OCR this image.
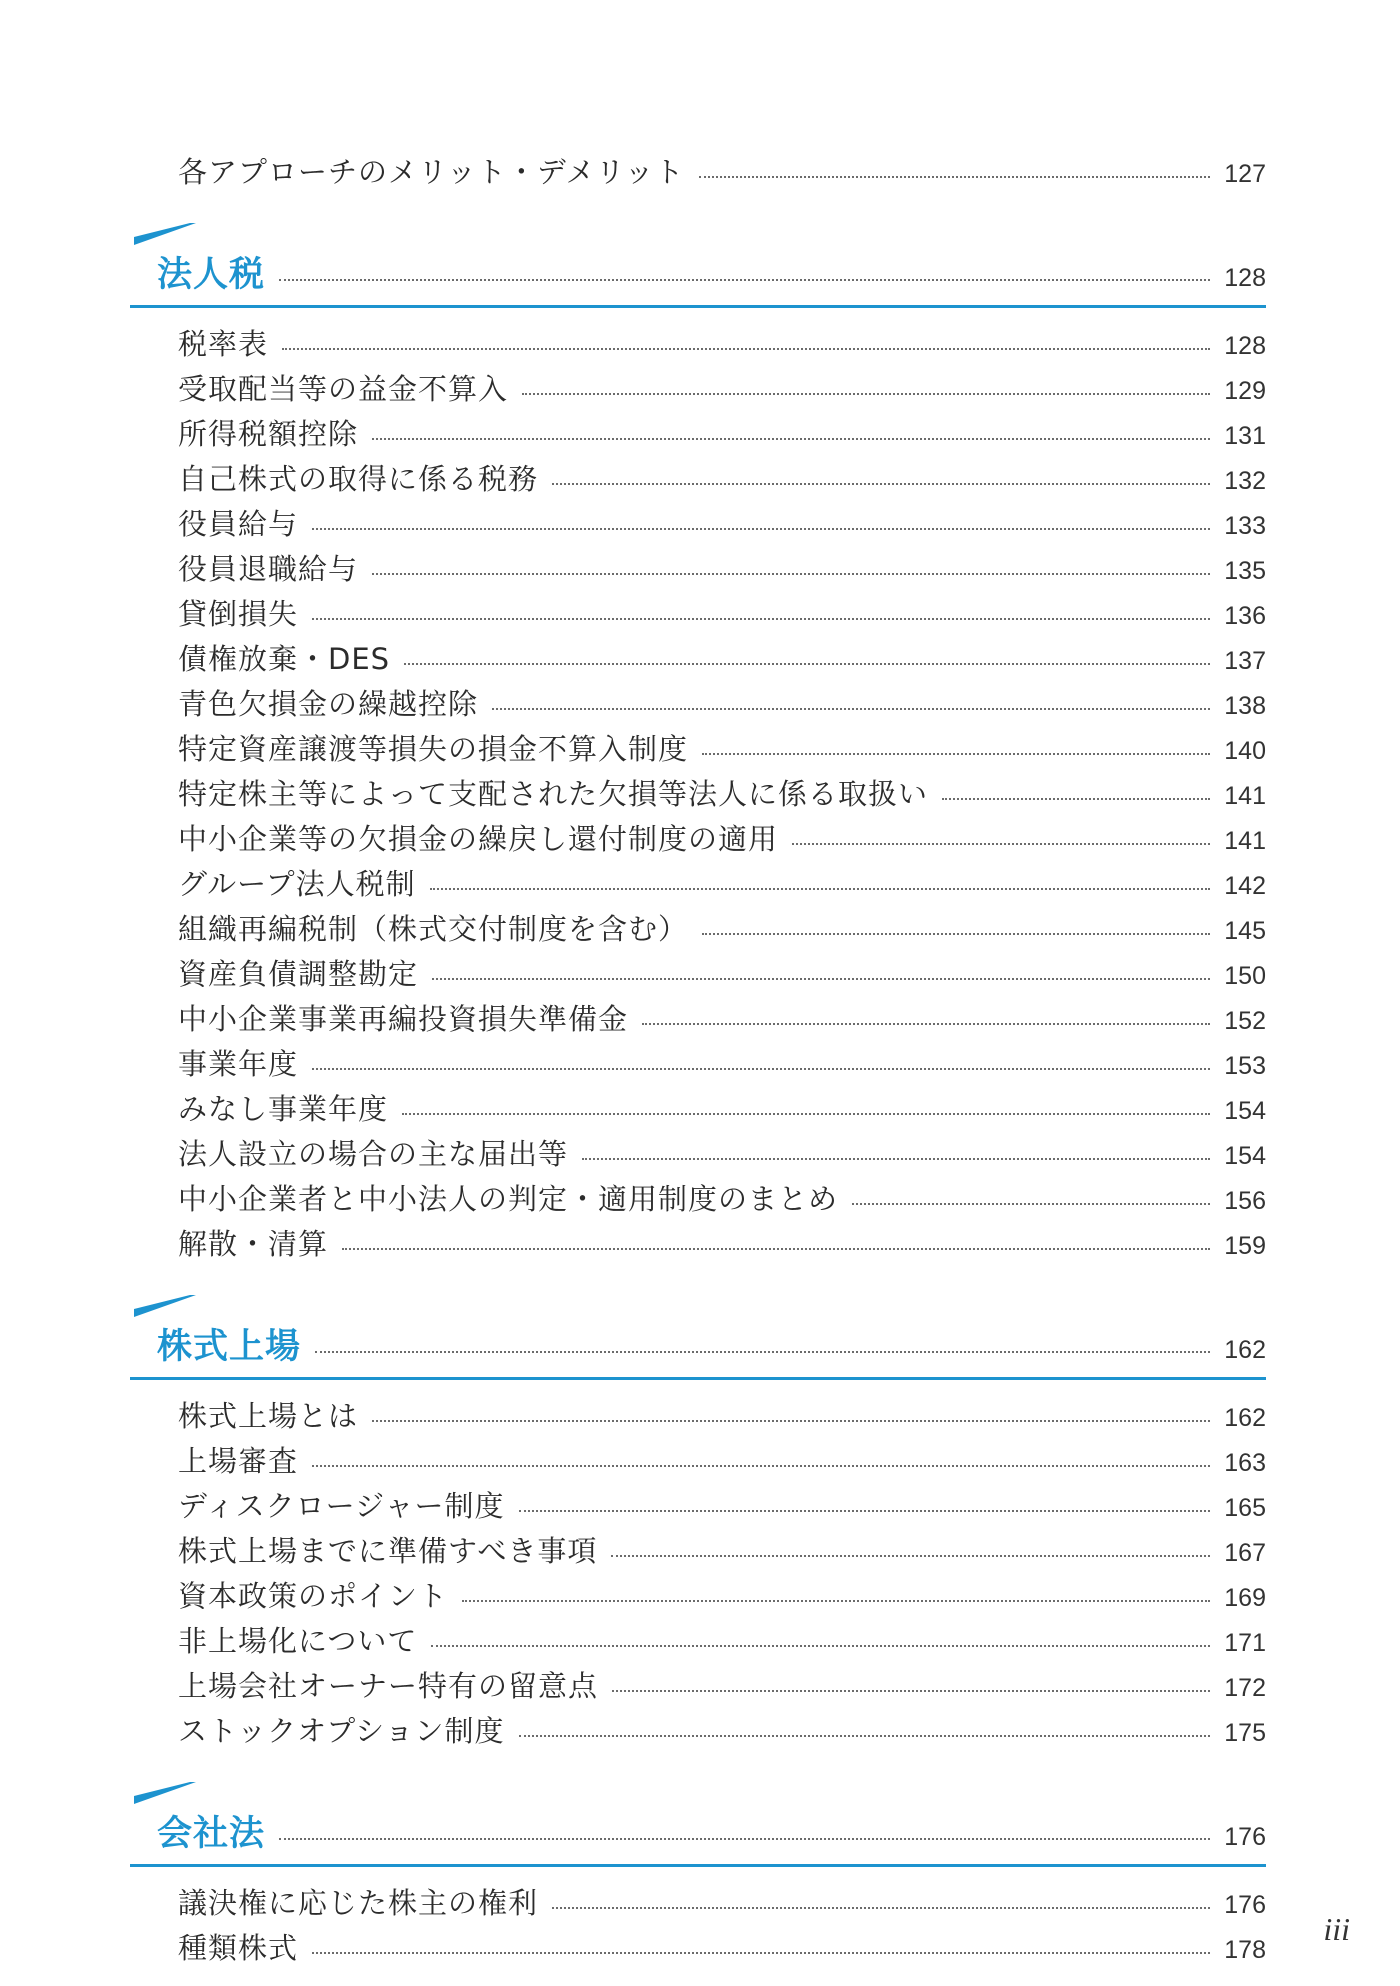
各アプローチのメリット・デメリット	127
法人税	128
税率表	128
受取配当等の益金不算入	129
所得税額控除	131
自己株式の取得に係る税務	132
役員給与	133
役員退職給与	135
貸倒損失	136
債権放棄・DES	137
青色欠損金の繰越控除	138
特定資産譲渡等損失の損金不算入制度	140
特定株主等によって支配された欠損等法人に係る取扱い	141
中小企業等の欠損金の繰戻し還付制度の適用	141
グループ法人税制	142
組織再編税制（株式交付制度を含む）	145
資産負債調整勘定	150
中小企業事業再編投資損失準備金	152
事業年度	153
みなし事業年度	154
法人設立の場合の主な届出等	154
中小企業者と中小法人の判定・適用制度のまとめ	156
解散・清算	159
株式上場	162
株式上場とは	162
上場審査	163
ディスクロージャー制度	165
株式上場までに準備すべき事項	167
資本政策のポイント	169
非上場化について	171
上場会社オーナー特有の留意点	172
ストックオプション制度	175
会社法	176
議決権に応じた株主の権利	176
種類株式	178
iii
